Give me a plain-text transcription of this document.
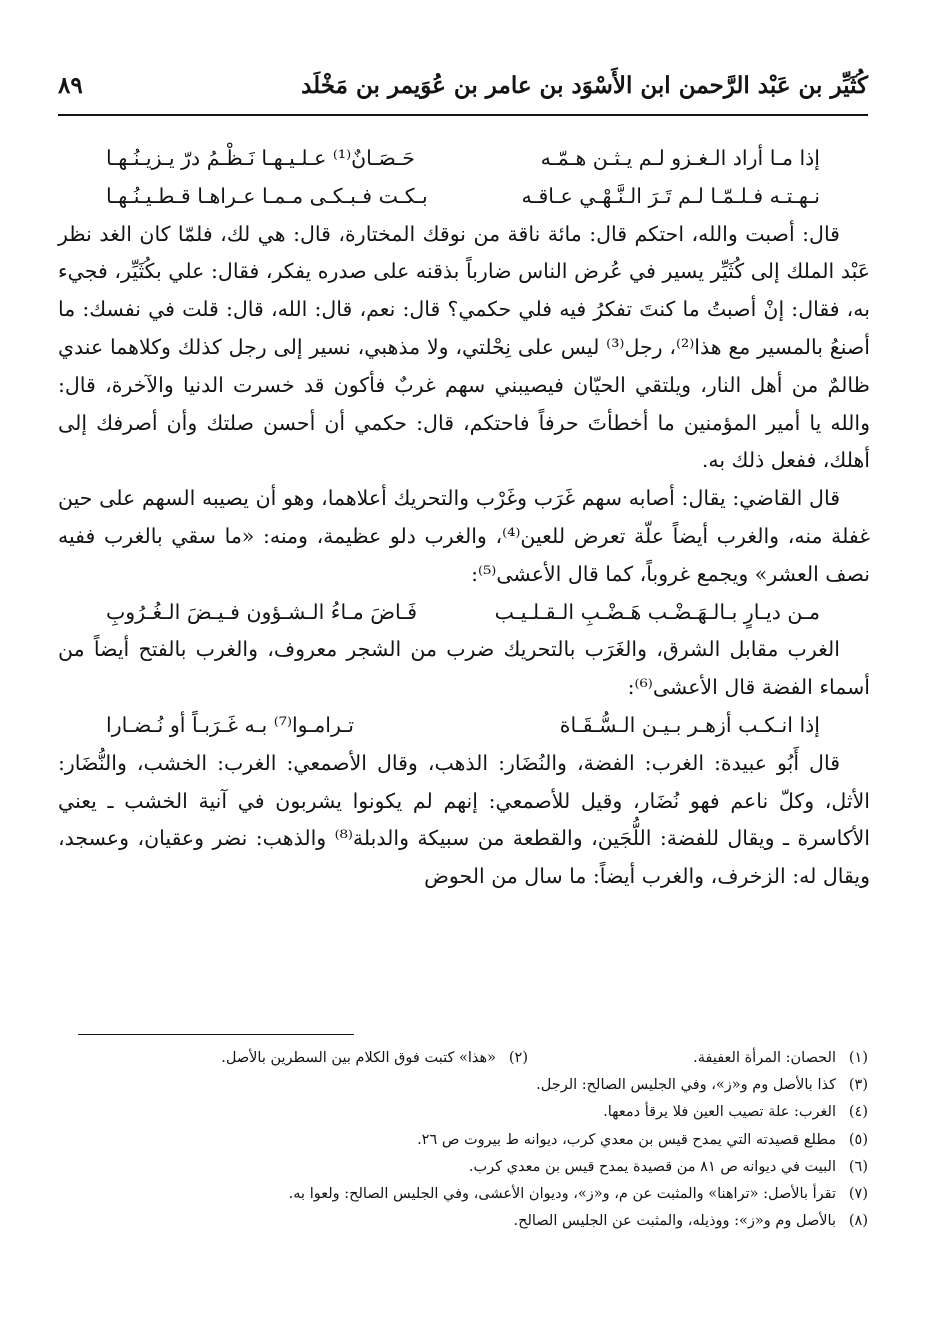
كُثَيِّر بن عَبْد الرَّحمن ابن الأَسْوَد بن عامر بن عُوَيمر بن مَخْلَد
٨٩
إذا مـا أراد الـغـزو لـم يـثـن هـمّـه
حَـصَـانٌ⁽¹⁾ عـلـيـهـا نَـظْـمُ درّ يـزيـنُـهـا
نـهـتـه فـلـمّـا لـم تَـرَ الـنَّـهْـي عـاقـه
بـكـت فـبـكـى مـمـا عـراهـا قـطـيـنُـهـا

قال: أصبت والله، احتكم قال: مائة ناقة من نوقك المختارة، قال: هي لك، فلمّا كان الغد نظر عَبْد الملك إلى كُثَيِّر يسير في عُرض الناس ضارباً بذقنه على صدره يفكر، فقال: علي بكُثَيِّر، فجيء به، فقال: إنْ أصبتُ ما كنتَ تفكرُ فيه فلي حكمي؟ قال: نعم، قال: الله، قال: قلت في نفسك: ما أصنعُ بالمسير مع هذا⁽²⁾، رجل⁽³⁾ ليس على نِحْلتي، ولا مذهبي، نسير إلى رجل كذلك وكلاهما عندي ظالمٌ من أهل النار، ويلتقي الحيّان فيصيبني سهم غربٌ فأكون قد خسرت الدنيا والآخرة، قال: والله يا أمير المؤمنين ما أخطأتَ حرفاً فاحتكم، قال: حكمي أن أحسن صلتك وأن أصرفك إلى أهلك، ففعل ذلك به.

قال القاضي: يقال: أصابه سهم غَرَب وغَرْب والتحريك أعلاهما، وهو أن يصيبه السهم على حين غفلة منه، والغرب أيضاً علّة تعرض للعين⁽⁴⁾، والغرب دلو عظيمة، ومنه: «ما سقي بالغرب ففيه نصف العشر» ويجمع غروباً، كما قال الأعشى⁽⁵⁾:

مـن ديـارٍ بـالـهَـضْـب هَـضْـبِ الـقـلـيـب
فَـاضَ مـاءُ الـشـؤون فـيـضَ الـغُـرُوبِ

الغرب مقابل الشرق، والغَرَب بالتحريك ضرب من الشجر معروف، والغرب بالفتح أيضاً من أسماء الفضة قال الأعشى⁽⁶⁾:

إذا انـكـب أزهـر بـيـن الـسُّـقَـاة
تـرامـوا⁽⁷⁾ بـه غَـرَبـاً أو نُـضـارا

قال أَبُو عبيدة: الغرب: الفضة، والنُضَار: الذهب، وقال الأصمعي: الغرب: الخشب، والنُّضَار: الأثل، وكلّ ناعم فهو نُضَار، وقيل للأصمعي: إنهم لم يكونوا يشربون في آنية الخشب ـ يعني الأكاسرة ـ ويقال للفضة: اللُّجَين، والقطعة من سبيكة والدبلة⁽⁸⁾ والذهب: نضر وعقيان، وعسجد، ويقال له: الزخرف، والغرب أيضاً: ما سال من الحوض

(١)
الحصان: المرأة العفيفة.
(٢)
«هذا» كتبت فوق الكلام بين السطرين بالأصل.
(٣)
كذا بالأصل وم و«ز»، وفي الجليس الصالح: الرجل.
(٤)
الغرب: علة تصيب العين فلا يرقأ دمعها.
(٥)
مطلع قصيدته التي يمدح قيس بن معدي كرب، ديوانه ط بيروت ص ٢٦.
(٦)
البيت في ديوانه ص ٨١ من قصيدة يمدح قيس بن معدي كرب.
(٧)
تقرأ بالأصل: «تراهنا» والمثبت عن م، و«ز»، وديوان الأعشى، وفي الجليس الصالح: ولعوا به.
(٨)
بالأصل وم و«ز»: ووذيله، والمثبت عن الجليس الصالح.
